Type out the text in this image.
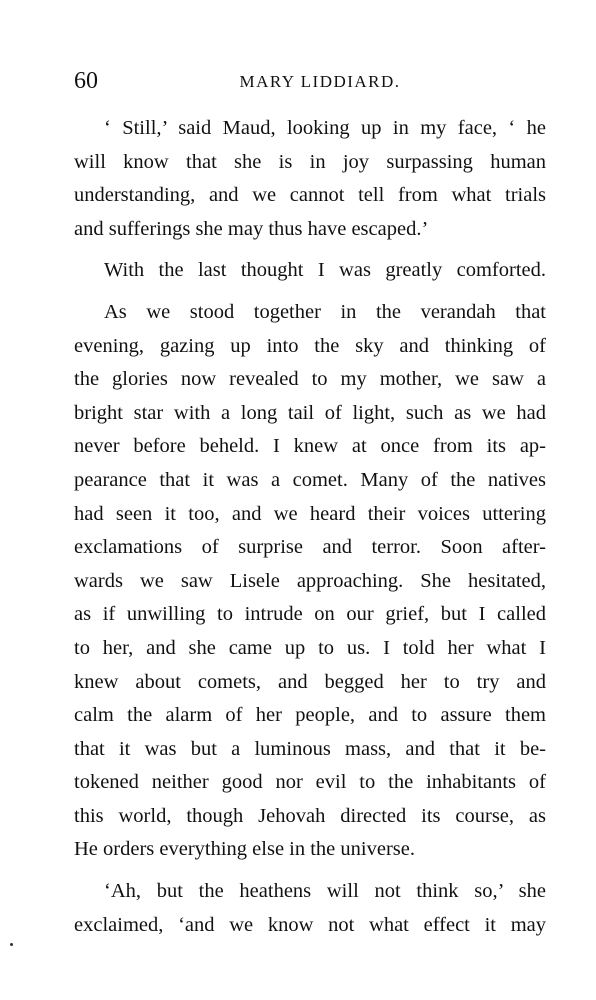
60	MARY LIDDIARD.
‘ Still,’ said Maud, looking up in my face, ‘ he
will know that she is in joy surpassing human
understanding, and we cannot tell from what trials
and sufferings she may thus have escaped.’
With the last thought I was greatly comforted.
As we stood together in the verandah that
evening, gazing up into the sky and thinking of
the glories now revealed to my mother, we saw a
bright star with a long tail of light, such as we had
never before beheld. I knew at once from its ap-
pearance that it was a comet. Many of the natives
had seen it too, and we heard their voices uttering
exclamations of surprise and terror. Soon after-
wards we saw Lisele approaching. She hesitated,
as if unwilling to intrude on our grief, but I called
to her, and she came up to us. I told her what I
knew about comets, and begged her to try and
calm the alarm of her people, and to assure them
that it was but a luminous mass, and that it be-
tokened neither good nor evil to the inhabitants of
this world, though Jehovah directed its course, as
He orders everything else in the universe.
‘Ah, but the heathens will not think so,’ she
exclaimed, ‘and we know not what effect it may
